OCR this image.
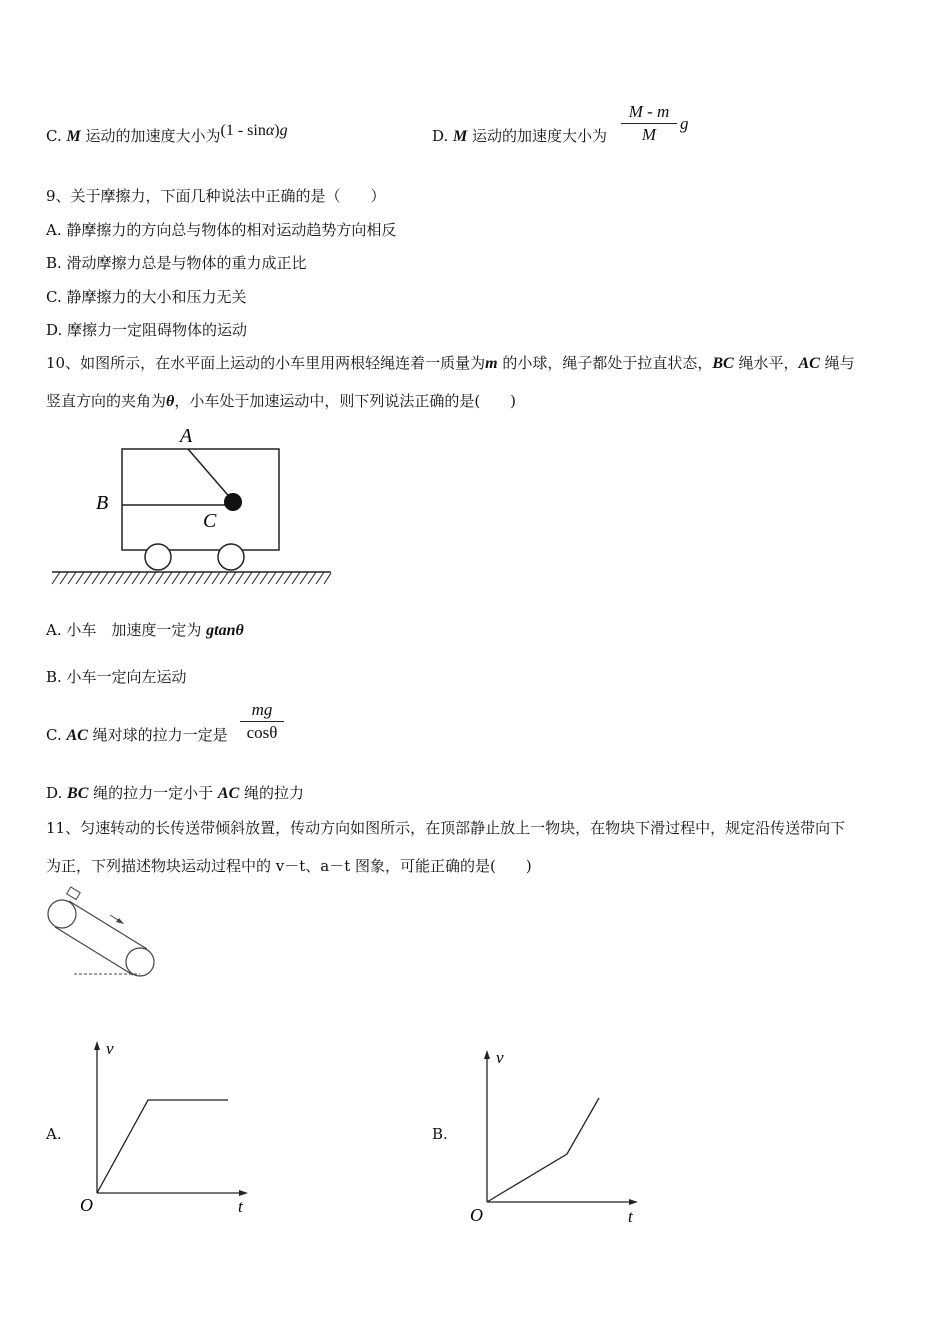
C. M 运动的加速度大小为(1 - sinα)g	D. M 运动的加速度大小为 $\frac{M - m}{M}$ g
9、关于摩擦力，下面几种说法中正确的是（　　）
A. 静摩擦力的方向总与物体的相对运动趋势方向相反
B. 滑动摩擦力总是与物体的重力成正比
C. 静摩擦力的大小和压力无关
D. 摩擦力一定阻碍物体的运动
10、如图所示，在水平面上运动的小车里用两根轻绳连着一质量为m 的小球，绳子都处于拉直状态，BC 绳水平，AC 绳与
竖直方向的夹角为θ，小车处于加速运动中，则下列说法正确的是(　　)
A
B
C
A. 小车　加速度一定为 gtanθ
B. 小车一定向左运动
C. AC 绳对球的拉力一定是 $\frac{mg}{\cos\theta}$
D. BC 绳的拉力一定小于 AC 绳的拉力
11、匀速转动的长传送带倾斜放置，传动方向如图所示，在顶部静止放上一物块，在物块下滑过程中，规定沿传送带向下
为正，下列描述物块运动过程中的 v－t、a－t 图象，可能正确的是(　　)
A.
v
t
O
B.
v
t
O
